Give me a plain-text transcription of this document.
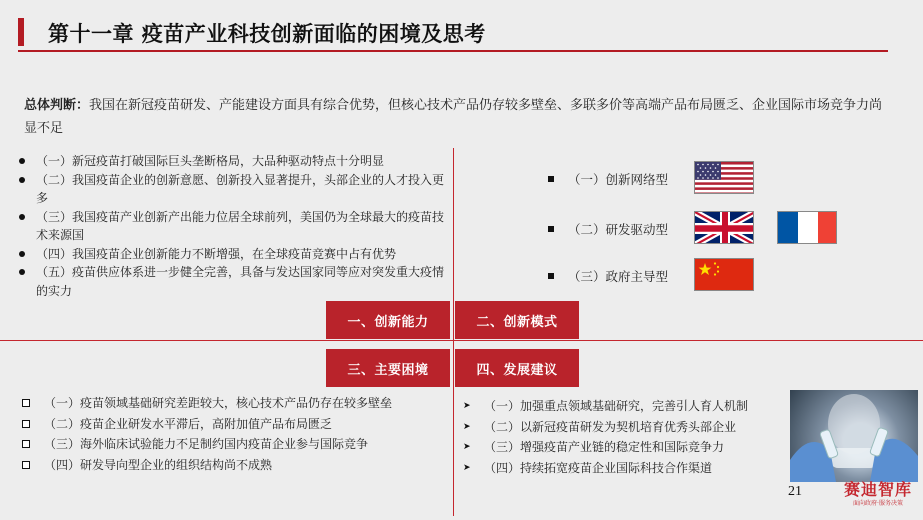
第十一章 疫苗产业科技创新面临的困境及思考
总体判断：我国在新冠疫苗研发、产能建设方面具有综合优势，但核心技术产品仍存较多壁垒、多联多价等高端产品布局匮乏、企业国际市场竞争力尚显不足
（一）新冠疫苗打破国际巨头垄断格局，大品种驱动特点十分明显
（二）我国疫苗企业的创新意愿、创新投入显著提升，头部企业的人才投入更多
（三）我国疫苗产业创新产出能力位居全球前列，美国仍为全球最大的疫苗技术来源国
（四）我国疫苗企业创新能力不断增强，在全球疫苗竞赛中占有优势
（五）疫苗供应体系进一步健全完善，具备与发达国家同等应对突发重大疫情的实力
（一）创新网络型
（二）研发驱动型
（三）政府主导型
一、创新能力	二、创新模式
三、主要困境	四、发展建议
（一）疫苗领域基础研究差距较大，核心技术产品仍存在较多壁垒
（二）疫苗企业研发水平滞后，高附加值产品布局匮乏
（三）海外临床试验能力不足制约国内疫苗企业参与国际竞争
（四）研发导向型企业的组织结构尚不成熟
➤ （一）加强重点领域基础研究，完善引人育人机制
➤ （二）以新冠疫苗研发为契机培育优秀头部企业
➤ （三）增强疫苗产业链的稳定性和国际竞争力
➤ （四）持续拓宽疫苗企业国际科技合作渠道
21	赛迪智库
面向政府·服务决策
